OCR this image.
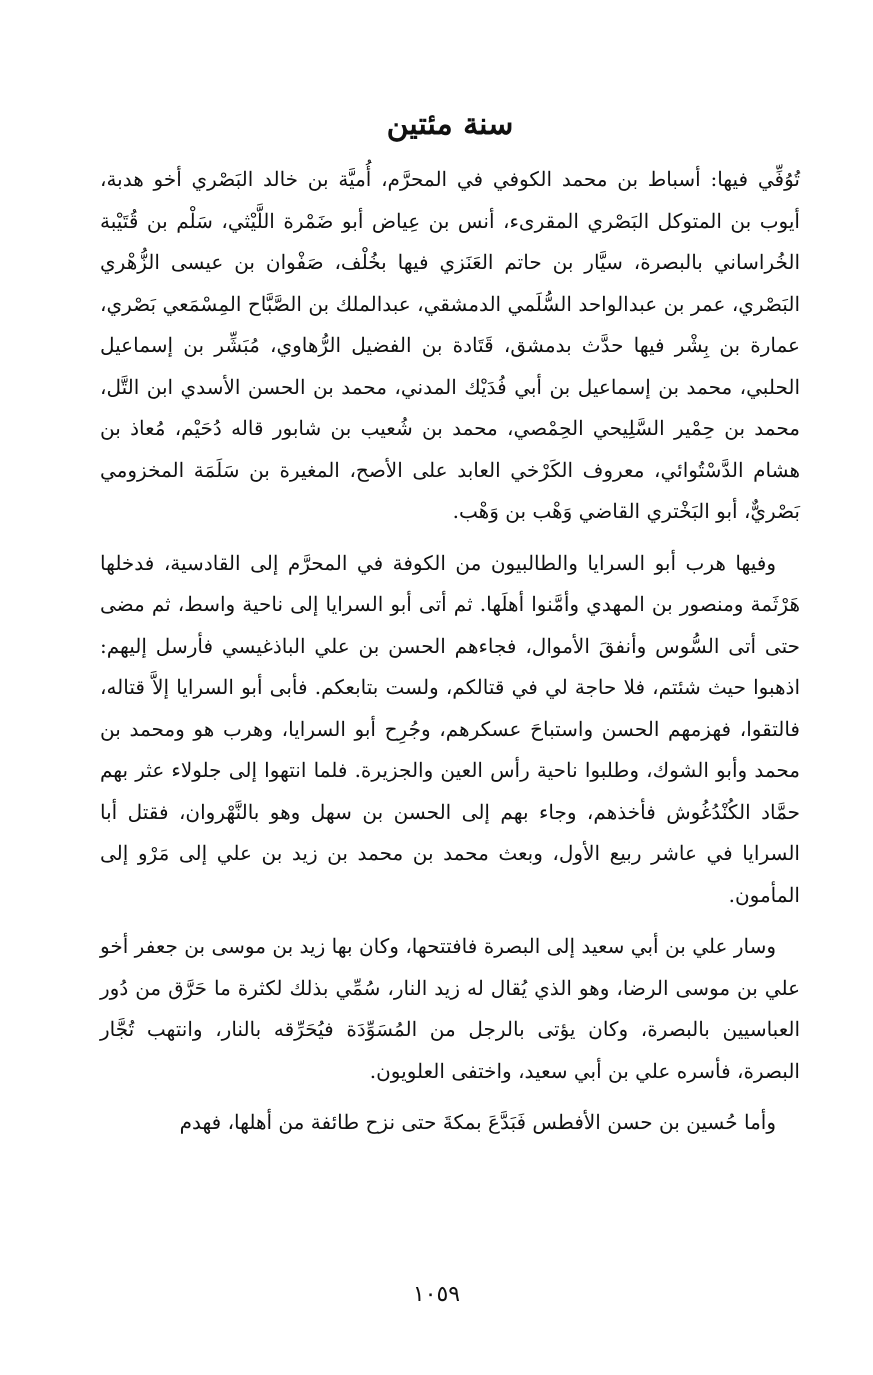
سنة مئتين

تُوُفِّي فيها: أسباط بن محمد الكوفي في المحرَّم، أُميَّة بن خالد البَصْري أخو هدبة، أيوب بن المتوكل البَصْري المقرىء، أنس بن عِياض أبو ضَمْرة اللَّيْثي، سَلْم بن قُتَيْبة الخُراساني بالبصرة، سيَّار بن حاتم العَنَزي فيها بخُلْف، صَفْوان بن عيسى الزُّهْري البَصْري، عمر بن عبدالواحد السُّلَمي الدمشقي، عبدالملك بن الصَّبَّاح المِسْمَعي بَصْري، عمارة بن بِشْر فيها حدَّث بدمشق، قَتَادة بن الفضيل الرُّهاوي، مُبَشِّر بن إسماعيل الحلبي، محمد بن إسماعيل بن أبي فُدَيْك المدني، محمد بن الحسن الأسدي ابن التَّل، محمد بن حِمْير السَّلِيحي الحِمْصي، محمد بن شُعيب بن شابور قاله دُحَيْم، مُعاذ بن هشام الدَّسْتُوائي، معروف الكَرْخي العابد على الأصح، المغيرة بن سَلَمَة المخزومي بَصْريٌّ، أبو البَخْتري القاضي وَهْب بن وَهْب.

وفيها هرب أبو السرايا والطالبيون من الكوفة في المحرَّم إلى القادسية، فدخلها هَرْثَمة ومنصور بن المهدي وأمَّنوا أهلَها. ثم أتى أبو السرايا إلى ناحية واسط، ثم مضى حتى أتى السُّوس وأنفقَ الأموال، فجاءهم الحسن بن علي الباذغيسي فأرسل إليهم: اذهبوا حيث شئتم، فلا حاجة لي في قتالكم، ولست بتابعكم. فأبى أبو السرايا إلاَّ قتاله، فالتقوا، فهزمهم الحسن واستباحَ عسكرهم، وجُرِح أبو السرايا، وهرب هو ومحمد بن محمد وأبو الشوك، وطلبوا ناحية رأس العين والجزيرة. فلما انتهوا إلى جلولاء عثر بهم حمَّاد الكُنْدُغُوش فأخذهم، وجاء بهم إلى الحسن بن سهل وهو بالنَّهْروان، فقتل أبا السرايا في عاشر ربيع الأول، وبعث محمد بن محمد بن زيد بن علي إلى مَرْو إلى المأمون.

وسار علي بن أبي سعيد إلى البصرة فافتتحها، وكان بها زيد بن موسى بن جعفر أخو علي بن موسى الرضا، وهو الذي يُقال له زيد النار، سُمِّي بذلك لكثرة ما حَرَّق من دُور العباسيين بالبصرة، وكان يؤتى بالرجل من المُسَوِّدَة فيُحَرِّقه بالنار، وانتهب تُجَّار البصرة، فأسره علي بن أبي سعيد، واختفى العلويون.

وأما حُسين بن حسن الأفطس فَبَدَّعَ بمكةَ حتى نزح طائفة من أهلها، فهدم

١٠٥٩
